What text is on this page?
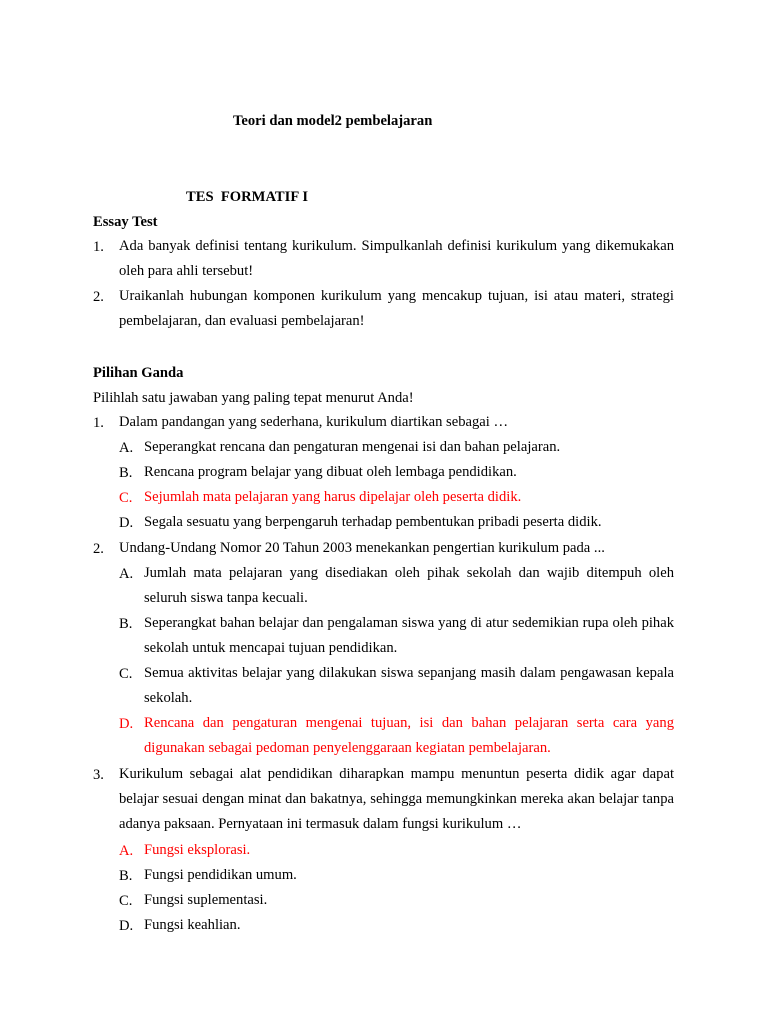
Teori dan model2 pembelajaran
TES  FORMATIF I
Essay Test
1. Ada banyak definisi tentang kurikulum. Simpulkanlah definisi kurikulum yang dikemukakan oleh para ahli tersebut!
2. Uraikanlah hubungan komponen kurikulum yang mencakup tujuan, isi atau materi, strategi pembelajaran, dan evaluasi pembelajaran!
Pilihan Ganda
Pilihlah satu jawaban yang paling tepat menurut Anda!
1. Dalam pandangan yang sederhana, kurikulum diartikan sebagai …
A. Seperangkat rencana dan pengaturan mengenai isi dan bahan pelajaran.
B. Rencana program belajar yang dibuat oleh lembaga pendidikan.
C. Sejumlah mata pelajaran yang harus dipelajar oleh peserta didik.
D. Segala sesuatu yang berpengaruh terhadap pembentukan pribadi peserta didik.
2. Undang-Undang Nomor 20 Tahun 2003 menekankan pengertian kurikulum pada ...
A. Jumlah mata pelajaran yang disediakan oleh pihak sekolah dan wajib ditempuh oleh seluruh siswa tanpa kecuali.
B. Seperangkat bahan belajar dan pengalaman siswa yang di atur sedemikian rupa oleh pihak sekolah untuk mencapai tujuan pendidikan.
C. Semua aktivitas belajar yang dilakukan siswa sepanjang masih dalam pengawasan kepala sekolah.
D. Rencana dan pengaturan mengenai tujuan, isi dan bahan pelajaran serta cara yang digunakan sebagai pedoman penyelenggaraan kegiatan pembelajaran.
3. Kurikulum sebagai alat pendidikan diharapkan mampu menuntun peserta didik agar dapat belajar sesuai dengan minat dan bakatnya, sehingga memungkinkan mereka akan belajar tanpa adanya paksaan. Pernyataan ini termasuk dalam fungsi kurikulum …
A. Fungsi eksplorasi.
B. Fungsi pendidikan umum.
C. Fungsi suplementasi.
D. Fungsi keahlian.
